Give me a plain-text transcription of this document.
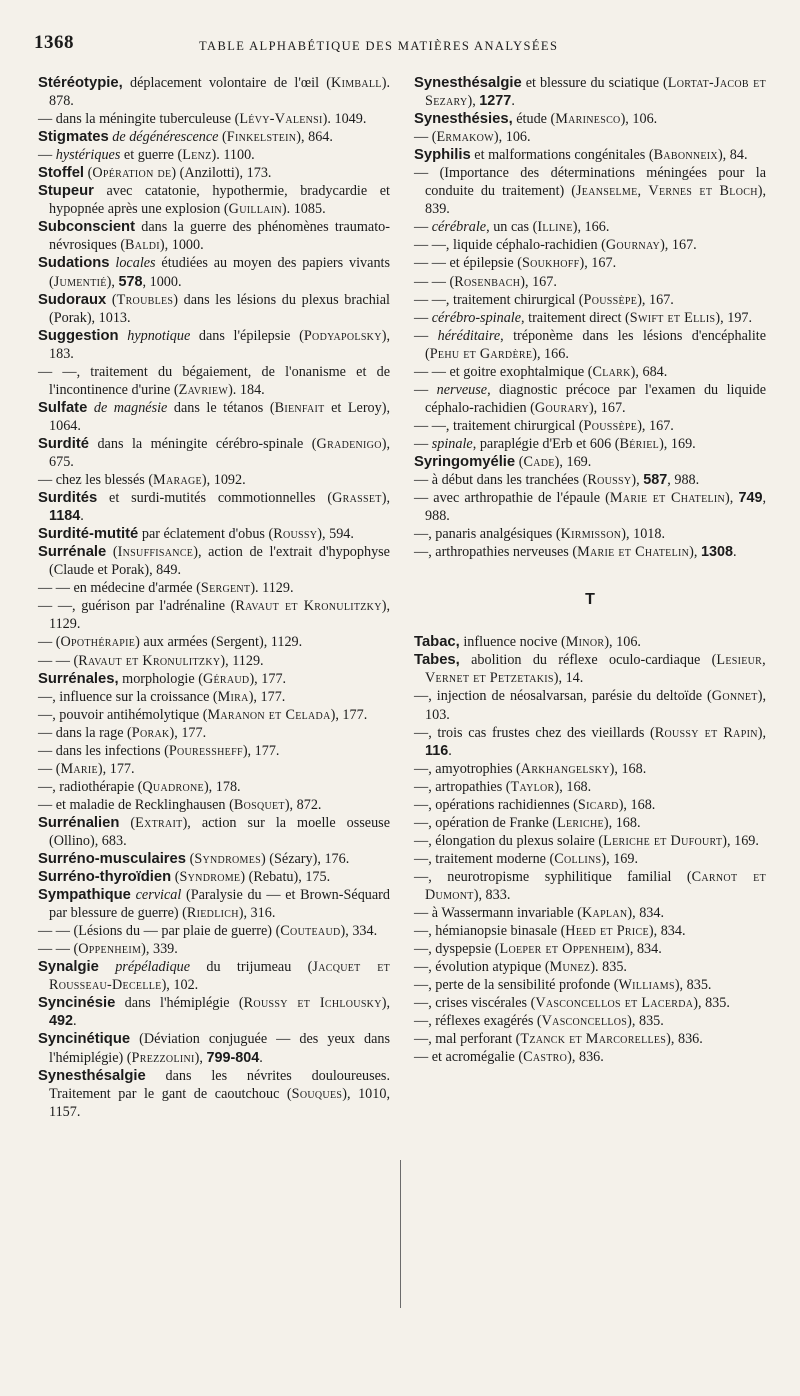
1368	TABLE ALPHABÉTIQUE DES MATIÈRES ANALYSÉES

Stéréotypie, déplacement volontaire de l'œil (Kimball). 878.

— dans la méningite tuberculeuse (Lévy-Valensi). 1049.

Stigmates de dégénérescence (Finkelstein), 864.

— hystériques et guerre (Lenz). 1100.

Stoffel (Opération de) (Anzilotti), 173.

Stupeur avec catatonie, hypothermie, bradycardie et hypopnée après une explosion (Guillain). 1085.

Subconscient dans la guerre des phénomènes traumato-névrosiques (Baldi), 1000.

Sudations locales étudiées au moyen des papiers vivants (Jumentié), 578, 1000.

Sudoraux (Troubles) dans les lésions du plexus brachial (Porak), 1013.

Suggestion hypnotique dans l'épilepsie (Podyapolsky), 183.

— —, traitement du bégaiement, de l'onanisme et de l'incontinence d'urine (Zavriew). 184.

Sulfate de magnésie dans le tétanos (Bienfait et Leroy), 1064.

Surdité dans la méningite cérébro-spinale (Gradenigo), 675.

— chez les blessés (Marage), 1092.

Surdités et surdi-mutités commotionnelles (Grasset), 1184.

Surdité-mutité par éclatement d'obus (Roussy), 594.

Surrénale (Insuffisance), action de l'extrait d'hypophyse (Claude et Porak), 849.

— — en médecine d'armée (Sergent). 1129.

— —, guérison par l'adrénaline (Ravaut et Kronulitzky), 1129.

— (Opothérapie) aux armées (Sergent), 1129.

— — (Ravaut et Kronulitzky), 1129.

Surrénales, morphologie (Géraud), 177.

—, influence sur la croissance (Mira), 177.

—, pouvoir antihémolytique (Maranon et Celada), 177.

— dans la rage (Porak), 177.

— dans les infections (Pouressheff), 177.

— (Marie), 177.

—, radiothérapie (Quadrone), 178.

— et maladie de Recklinghausen (Bosquet), 872.

Surrénalien (Extrait), action sur la moelle osseuse (Ollino), 683.

Surréno-musculaires (Syndromes) (Sézary), 176.

Surréno-thyroïdien (Syndrome) (Rebatu), 175.

Sympathique cervical (Paralysie du — et Brown-Séquard par blessure de guerre) (Riedlich), 316.

— — (Lésions du — par plaie de guerre) (Couteaud), 334.

— — (Oppenheim), 339.

Synalgie prépéladique du trijumeau (Jacquet et Rousseau-Decelle), 102.

Syncinésie dans l'hémiplégie (Roussy et Ichlousky), 492.

Syncinétique (Déviation conjuguée — des yeux dans l'hémiplégie) (Prezzolini), 799-804.

Synesthésalgie dans les névrites douloureuses. Traitement par le gant de caoutchouc (Souques), 1010, 1157.

Synesthésalgie et blessure du sciatique (Lortat-Jacob et Sezary), 1277.

Synesthésies, étude (Marinesco), 106.

— (Ermakow), 106.

Syphilis et malformations congénitales (Babonneix), 84.

— (Importance des déterminations méningées pour la conduite du traitement) (Jeanselme, Vernes et Bloch), 839.

— cérébrale, un cas (Illine), 166.

— —, liquide céphalo-rachidien (Gournay), 167.

— — et épilepsie (Soukhoff), 167.

— — (Rosenbach), 167.

— —, traitement chirurgical (Poussèpe), 167.

— cérébro-spinale, traitement direct (Swift et Ellis), 197.

— héréditaire, tréponème dans les lésions d'encéphalite (Pehu et Gardère), 166.

— — et goitre exophtalmique (Clark), 684.

— nerveuse, diagnostic précoce par l'examen du liquide céphalo-rachidien (Gourary), 167.

— —, traitement chirurgical (Poussèpe), 167.

— spinale, paraplégie d'Erb et 606 (Bériel), 169.

Syringomyélie (Cade), 169.

— à début dans les tranchées (Roussy), 587, 988.

— avec arthropathie de l'épaule (Marie et Chatelin), 749, 988.

—, panaris analgésiques (Kirmisson), 1018.

—, arthropathies nerveuses (Marie et Chatelin), 1308.

T

Tabac, influence nocive (Minor), 106.

Tabes, abolition du réflexe oculo-cardiaque (Lesieur, Vernet et Petzetakis), 14.

—, injection de néosalvarsan, parésie du deltoïde (Gonnet), 103.

—, trois cas frustes chez des vieillards (Roussy et Rapin), 116.

—, amyotrophies (Arkhangelsky), 168.

—, artropathies (Taylor), 168.

—, opérations rachidiennes (Sicard), 168.

—, opération de Franke (Leriche), 168.

—, élongation du plexus solaire (Leriche et Dufourt), 169.

—, traitement moderne (Collins), 169.

—, neurotropisme syphilitique familial (Carnot et Dumont), 833.

— à Wassermann invariable (Kaplan), 834.

—, hémianopsie binasale (Heed et Price), 834.

—, dyspepsie (Loeper et Oppenheim), 834.

—, évolution atypique (Munez). 835.

—, perte de la sensibilité profonde (Williams), 835.

—, crises viscérales (Vasconcellos et Lacerda), 835.

—, réflexes exagérés (Vasconcellos), 835.

—, mal perforant (Tzanck et Marcorelles), 836.

— et acromégalie (Castro), 836.
